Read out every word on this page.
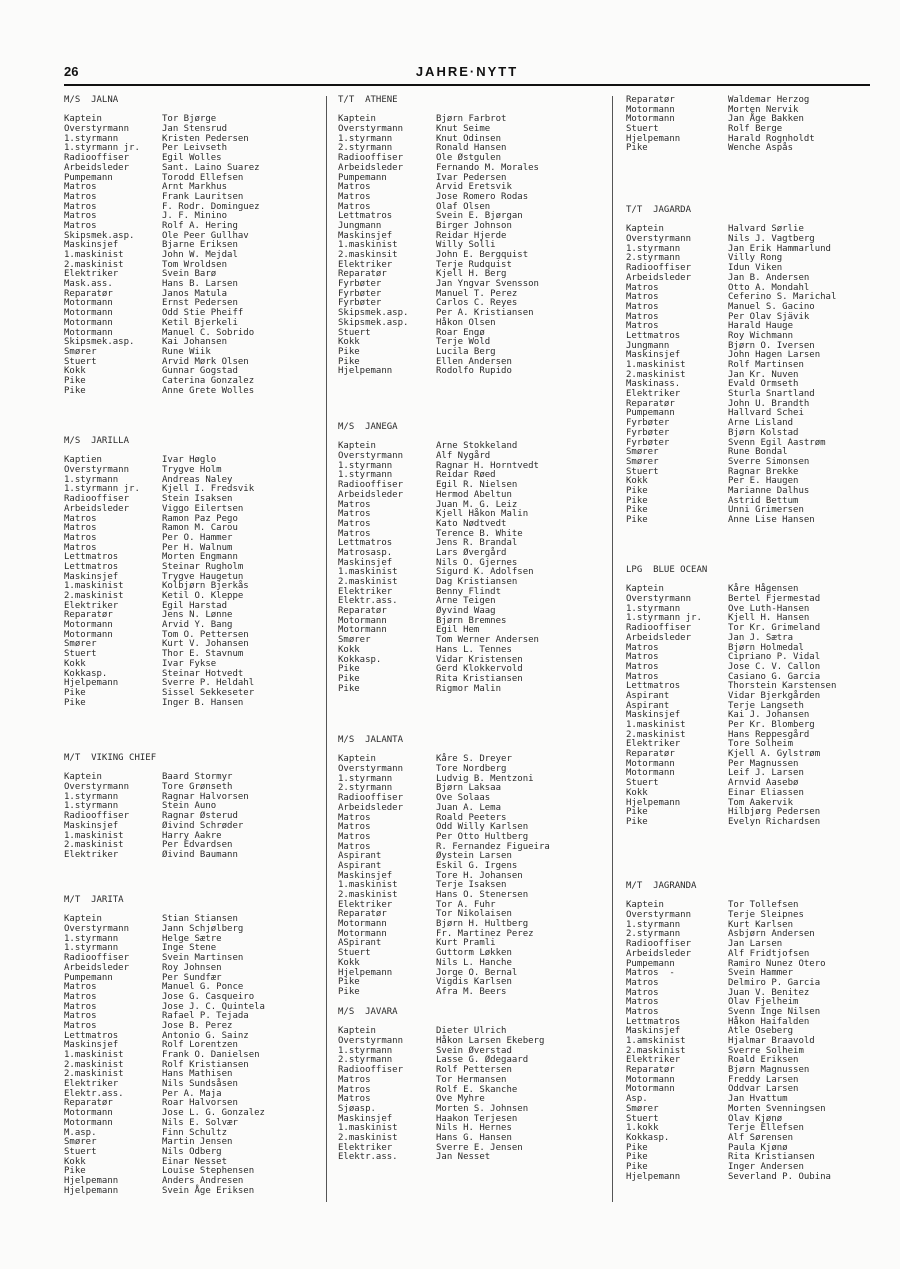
26	JAHRE·NYTT
M/S  JALNA
Kaptein	Tor Bjørge
Overstyrmann	Jan Stensrud
1.styrmann	Kristen Pedersen
1.styrmann jr.	Per Leivseth
Radiooffiser	Egil Wolles
Arbeidsleder	Sant. Laino Suarez
Pumpemann	Torodd Ellefsen
Matros	Arnt Markhus
Matros	Frank Lauritsen
Matros	F. Rodr. Dominguez
Matros	J. F. Minino
Matros	Rolf A. Hering
Skipsmek.asp.	Ole Peer Gullhav
Maskinsjef	Bjarne Eriksen
1.maskinist	John W. Mejdal
2.maskinist	Tom Wroldsen
Elektriker	Svein Barø
Mask.ass.	Hans B. Larsen
Reparatør	Janos Matula
Motormann	Ernst Pedersen
Motormann	Odd Stie Pheiff
Motormann	Ketil Bjerkeli
Motormann	Manuel C. Sobrido
Skipsmek.asp.	Kai Johansen
Smører	Rune Wiik
Stuert	Arvid Mørk Olsen
Kokk	Gunnar Gogstad
Pike	Caterina Gonzalez
Pike	Anne Grete Wolles
M/S  JARILLA
Kaptien	Ivar Høglo
Overstyrmann	Trygve Holm
1.styrmann	Andreas Naley
1.styrmann jr.	Kjell I. Fredsvik
Radiooffiser	Stein Isaksen
Arbeidsleder	Viggo Eilertsen
Matros	Ramon Paz Pego
Matros	Ramon M. Carou
Matros	Per O. Hammer
Matros	Per H. Walnum
Lettmatros	Morten Engmann
Lettmatros	Steinar Rugholm
Maskinsjef	Trygve Haugetun
1.maskinist	Kolbjørn Bjerkås
2.maskinist	Ketil O. Kleppe
Elektriker	Egil Harstad
Reparatør	Jens N. Lønne
Motormann	Arvid Y. Bang
Motormann	Tom O. Pettersen
Smører	Kurt V. Johansen
Stuert	Thor E. Stavnum
Kokk	Ivar Fykse
Kokkasp.	Steinar Hotvedt
Hjelpemann	Sverre P. Heldahl
Pike	Sissel Sekkeseter
Pike	Inger B. Hansen
M/T  VIKING CHIEF
Kaptein	Baard Stormyr
Overstyrmann	Tore Grønseth
1.styrmann	Ragnar Halvorsen
1.styrmann	Stein Auno
Radiooffiser	Ragnar Østerud
Maskinsjef	Øivind Schrøder
1.maskinist	Harry Aakre
2.maskinist	Per Edvardsen
Elektriker	Øivind Baumann
M/T  JARITA
Kaptein	Stian Stiansen
Overstyrmann	Jann Schjølberg
1.styrmann	Helge Sætre
1.styrmann	Inge Stene
Radiooffiser	Svein Martinsen
Arbeidsleder	Roy Johnsen
Pumpemann	Per Sundfær
Matros	Manuel G. Ponce
Matros	Jose G. Casqueiro
Matros	Jose J. C. Quintela
Matros	Rafael P. Tejada
Matros	Jose B. Perez
Lettmatros	Antonio G. Sainz
Maskinsjef	Rolf Lorentzen
1.maskinist	Frank O. Danielsen
2.maskinist	Rolf Kristiansen
2.maskinist	Hans Mathisen
Elektriker	Nils Sundsåsen
Elektr.ass.	Per A. Maja
Reparatør	Roar Halvorsen
Motormann	Jose L. G. Gonzalez
Motormann	Nils E. Solvær
M.asp.	Finn Schultz
Smører	Martin Jensen
Stuert	Nils Odberg
Kokk	Einar Nesset
Pike	Louise Stephensen
Hjelpemann	Anders Andresen
Hjelpemann	Svein Åge Eriksen
T/T  ATHENE
Kaptein	Bjørn Farbrot
Overstyrmann	Knut Seime
1.styrmann	Knut Odinsen
2.styrmann	Ronald Hansen
Radiooffiser	Ole Østgulen
Arbeidsleder	Fernando M. Morales
Pumpemann	Ivar Pedersen
Matros	Arvid Eretsvik
Matros	Jose Romero Rodas
Matros	Olaf Olsen
Lettmatros	Svein E. Bjørgan
Jungmann	Birger Johnson
Maskinsjef	Reidar Hjerde
1.maskinist	Willy Solli
2.maskinsit	John E. Bergquist
Elektriker	Terje Rudquist
Reparatør	Kjell H. Berg
Fyrbøter	Jan Yngvar Svensson
Fyrbøter	Manuel T. Perez
Fyrbøter	Carlos C. Reyes
Skipsmek.asp.	Per A. Kristiansen
Skipsmek.asp.	Håkon Olsen
Stuert	Roar Engø
Kokk	Terje Wold
Pike	Lucila Berg
Pike	Ellen Andersen
Hjelpemann	Rodolfo Rupido
M/S  JANEGA
Kaptein	Arne Stokkeland
Overstyrmann	Alf Nygård
1.styrmann	Ragnar H. Horntvedt
1.styrmann	Reidar Røed
Radiooffiser	Egil R. Nielsen
Arbeidsleder	Hermod Abeltun
Matros	Juan M. G. Leiz
Matros	Kjell Håkon Malin
Matros	Kato Nødtvedt
Matros	Terence B. White
Lettmatros	Jens R. Brandal
Matrosasp.	Lars Øvergård
Maskinsjef	Nils O. Gjernes
1.maskinist	Sigurd K. Adolfsen
2.maskinist	Dag Kristiansen
Elektriker	Benny Flindt
Elektr.ass.	Arne Teigen
Reparatør	Øyvind Waag
Motormann	Bjørn Bremnes
Motormann	Egil Hem
Smører	Tom Werner Andersen
Kokk	Hans L. Tennes
Kokkasp.	Vidar Kristensen
Pike	Gerd Klokkervold
Pike	Rita Kristiansen
Pike	Rigmor Malin
M/S  JALANTA
Kaptein	Kåre S. Dreyer
Overstyrmann	Tore Nordberg
1.styrmann	Ludvig B. Mentzoni
2.styrmann	Bjørn Laksaa
Radiooffiser	Ove Solaas
Arbeidsleder	Juan A. Lema
Matros	Roald Peeters
Matros	Odd Willy Karlsen
Matros	Per Otto Hultberg
Matros	R. Fernandez Figueira
Aspirant	Øystein Larsen
Aspirant	Eskil G. Irgens
Maskinsjef	Tore H. Johansen
1.maskinist	Terje Isaksen
2.maskinist	Hans O. Stenersen
Elektriker	Tor A. Fuhr
Reparatør	Tor Nikolaisen
Motormann	Bjørn H. Hultberg
Motormann	Fr. Martinez Perez
ASpirant	Kurt Pramli
Stuert	Guttorm Løkken
Kokk	Nils L. Hanche
Hjelpemann	Jorge O. Bernal
Pike	Vigdis Karlsen
Pike	Afra M. Beers
M/S  JAVARA
Kaptein	Dieter Ulrich
Overstyrmann	Håkon Larsen Ekeberg
1.styrmann	Svein Øverstad
2.styrmann	Lasse G. Ødegaard
Radiooffiser	Rolf Pettersen
Matros	Tor Hermansen
Matros	Rolf E. Skanche
Matros	Ove Myhre
Sjøasp.	Morten S. Johnsen
Maskinsjef	Haakon Terjesen
1.maskinist	Nils H. Hernes
2.maskinist	Hans G. Hansen
Elektriker	Sverre E. Jensen
Elektr.ass.	Jan Nesset
Reparatør	Waldemar Herzog
Motormann	Morten Nervik
Motormann	Jan Åge Bakken
Stuert	Rolf Berge
Hjelpemann	Harald Rognholdt
Pike	Wenche Aspås
T/T  JAGARDA
Kaptein	Halvard Sørlie
Overstyrmann	Nils J. Vagtberg
1.styrmann	Jan Erik Hammarlund
2.styrmann	Villy Rong
Radiooffiser	Idun Viken
Arbeidsleder	Jan B. Andersen
Matros	Otto A. Mondahl
Matros	Ceferino S. Marichal
Matros	Manuel S. Gacino
Matros	Per Olav Sjävik
Matros	Harald Hauge
Lettmatros	Roy Wichmann
Jungmann	Bjørn O. Iversen
Maskinsjef	John Hagen Larsen
1.maskinist	Rolf Martinsen
2.maskinist	Jan Kr. Nuven
Maskinass.	Evald Ormseth
Elektriker	Sturla Snartland
Reparatør	John U. Brandth
Pumpemann	Hallvard Schei
Fyrbøter	Arne Lisland
Fyrbøter	Bjørn Kolstad
Fyrbøter	Svenn Egil Aastrøm
Smører	Rune Bondal
Smører	Sverre Simonsen
Stuert	Ragnar Brekke
Kokk	Per E. Haugen
Pike	Marianne Dalhus
Pike	Astrid Bettum
Pike	Unni Grimersen
Pike	Anne Lise Hansen
LPG  BLUE OCEAN
Kaptein	Kåre Hågensen
Overstyrmann	Bertel Fjermestad
1.styrmann	Ove Luth-Hansen
1.styrmann jr.	Kjell H. Hansen
Radiooffiser	Tor Kr. Grimeland
Arbeidsleder	Jan J. Sætra
Matros	Bjørn Holmedal
Matros	Cipriano P. Vidal
Matros	Jose C. V. Callon
Matros	Casiano G. Garcia
Lettmatros	Thorstein Karstensen
Aspirant	Vidar Bjerkgården
Aspirant	Terje Langseth
Maskinsjef	Kai J. Johansen
1.maskinist	Per Kr. Blomberg
2.maskinist	Hans Reppesgård
Elektriker	Tore Solheim
Reparatør	Kjell A. Gylstrøm
Motormann	Per Magnussen
Motormann	Leif J. Larsen
Stuert	Arnvid Aasebø
Kokk	Einar Eliassen
Hjelpemann	Tom Aakervik
Pike	Hilbjørg Pedersen
Pike	Evelyn Richardsen
M/T  JAGRANDA
Kaptein	Tor Tollefsen
Overstyrmann	Terje Sleipnes
1.styrmann	Kurt Karlsen
2.styrmann	Asbjørn Andersen
Radiooffiser	Jan Larsen
Arbeidsleder	Alf Fridtjofsen
Pumpemann	Ramiro Nunez Otero
Matros  -	Svein Hammer
Matros	Delmiro P. Garcia
Matros	Juan V. Benitez
Matros	Olav Fjelheim
Matros	Svenn Inge Nilsen
Lettmatros	Håkon Haifalden
Maskinsjef	Atle Oseberg
1.amskinist	Hjalmar Braavold
2.maskinist	Sverre Solheim
Elektriker	Roald Eriksen
Reparatør	Bjørn Magnussen
Motormann	Freddy Larsen
Motormann	Oddvar Larsen
Asp.	Jan Hvattum
Smører	Morten Svenningsen
Stuert	Olav Kjønø
1.kokk	Terje Ellefsen
Kokkasp.	Alf Sørensen
Pike	Paula Kjønø
Pike	Rita Kristiansen
Pike	Inger Andersen
Hjelpemann	Severland P. Oubina
